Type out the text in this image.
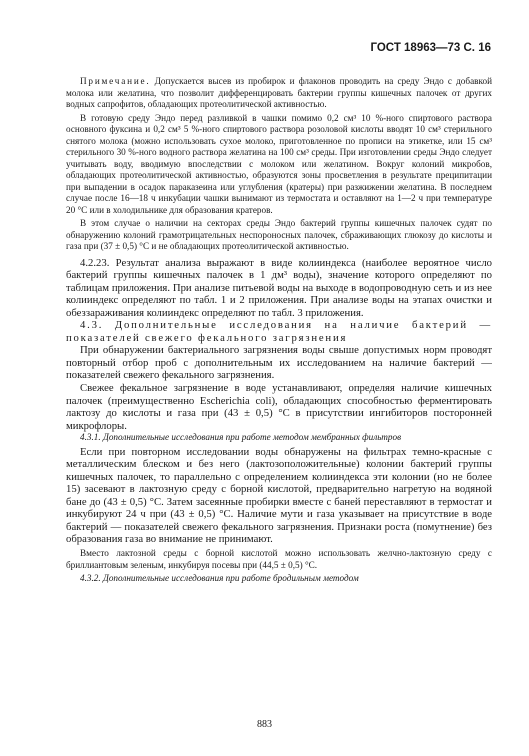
ГОСТ 18963—73 С. 16

Примечание. Допускается высев из пробирок и флаконов проводить на среду Эндо с добавкой молока или желатина, что позволит дифференцировать бактерии группы кишечных палочек от других водных сапрофитов, обладающих протеолитической активностью.

В готовую среду Эндо перед разливкой в чашки помимо 0,2 см³ 10 %-ного спиртового раствора основного фуксина и 0,2 см³ 5 %-ного спиртового раствора розоловой кислоты вводят 10 см³ стерильного снятого молока (можно использовать сухое молоко, приготовленное по прописи на этикетке, или 15 см³ стерильного 30 %-ного водного раствора желатина на 100 см³ среды. При изготовлении среды Эндо следует учитывать воду, вводимую впоследствии с молоком или желатином. Вокруг колоний микробов, обладающих протеолитической активностью, образуются зоны просветления в результате преципитации при выпадении в осадок параказеина или углубления (кратеры) при разжижении желатина. В последнем случае после 16—18 ч инкубации чашки вынимают из термостата и оставляют на 1—2 ч при температуре 20 °С или в холодильнике для образования кратеров.

В этом случае о наличии на секторах среды Эндо бактерий группы кишечных палочек судят по обнаружению колоний грамотрицательных неспороносных палочек, сбраживающих глюкозу до кислоты и газа при (37 ± 0,5) °С и не обладающих протеолитической активностью.

4.2.23. Результат анализа выражают в виде колииндекса (наиболее вероятное число бактерий группы кишечных палочек в 1 дм³ воды), значение которого определяют по таблицам приложения. При анализе питьевой воды на выходе в водопроводную сеть и из нее колииндекс определяют по табл. 1 и 2 приложения. При анализе воды на этапах очистки и обеззараживания колииндекс определяют по табл. 3 приложения.

4.3. Дополнительные исследования на наличие бактерий — показателей свежего фекального загрязнения

При обнаружении бактериального загрязнения воды свыше допустимых норм проводят повторный отбор проб с дополнительным их исследованием на наличие бактерий — показателей свежего фекального загрязнения.

Свежее фекальное загрязнение в воде устанавливают, определяя наличие кишечных палочек (преимущественно Escherichia coli), обладающих способностью ферментировать лактозу до кислоты и газа при (43 ± 0,5) °С в присутствии ингибиторов посторонней микрофлоры.

4.3.1. Дополнительные исследования при работе методом мембранных фильтров

Если при повторном исследовании воды обнаружены на фильтрах темно-красные с металлическим блеском и без него (лактозоположительные) колонии бактерий группы кишечных палочек, то параллельно с определением колииндекса эти колонии (но не более 15) засевают в лактозную среду с борной кислотой, предварительно нагретую на водяной бане до (43 ± 0,5) °С. Затем засеянные пробирки вместе с баней переставляют в термостат и инкубируют 24 ч при (43 ± 0,5) °С. Наличие мути и газа указывает на присутствие в воде бактерий — показателей свежего фекального загрязнения. Признаки роста (помутнение) без образования газа во внимание не принимают.

Вместо лактозной среды с борной кислотой можно использовать желчно-лактозную среду с бриллиантовым зеленым, инкубируя посевы при (44,5 ± 0,5) °С.

4.3.2. Дополнительные исследования при работе бродильным методом

883
